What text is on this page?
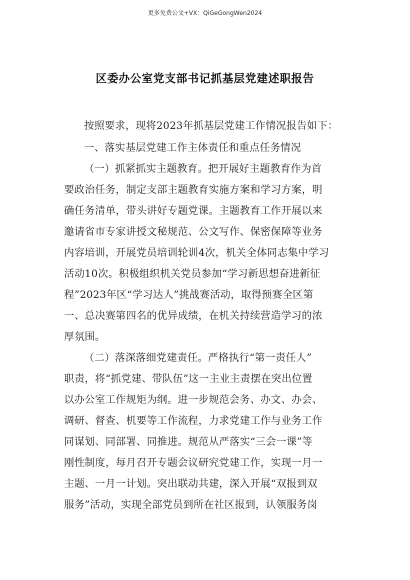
更多免费公文+VX：QiGeGongWen2024
区委办公室党支部书记抓基层党建述职报告
按照要求，现将2023年抓基层党建工作情况报告如下：
一、落实基层党建工作主体责任和重点任务情况
（一）抓紧抓实主题教育。把开展好主题教育作为首
要政治任务，制定支部主题教育实施方案和学习方案，明
确任务清单，带头讲好专题党课。主题教育工作开展以来
邀请省市专家讲授文秘规范、公文写作、保密保障等业务
内容培训，开展党员培训轮训4次，机关全体同志集中学习
活动10次。积极组织机关党员参加“学习新思想奋进新征
程”2023年区“学习达人”挑战赛活动，取得预赛全区第
一、总决赛第四名的优异成绩，在机关持续营造学习的浓
厚氛围。
（二）落深落细党建责任。严格执行“第一责任人”
职责，将“抓党建、带队伍”这一主业主责摆在突出位置
以办公室工作规矩为纲。进一步规范会务、办文、办会、
调研、督查、机要等工作流程，力求党建工作与业务工作
同谋划、同部署、同推进。规范从严落实“三会一课”等
刚性制度，每月召开专题会议研究党建工作，实现一月一
主题、一月一计划。突出联动共建，深入开展“双报到双
服务”活动，实现全部党员到所在社区报到，认领服务岗
